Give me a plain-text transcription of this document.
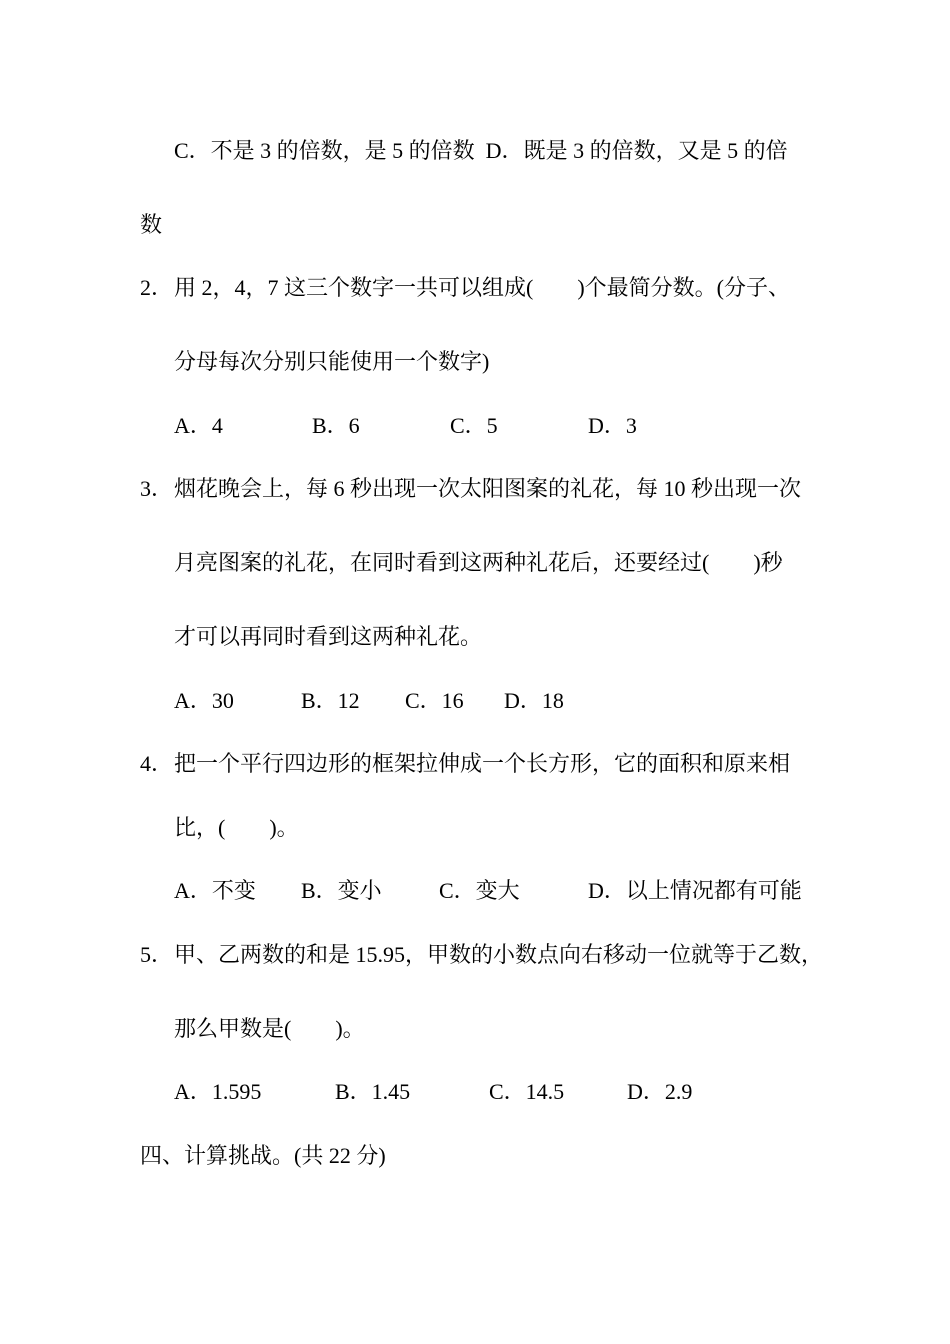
C．不是 3 的倍数，是 5 的倍数  D．既是 3 的倍数，又是 5 的倍
数
2． 用 2，4，7 这三个数字一共可以组成(        )个最简分数。(分子、
分母每次分别只能使用一个数字)
A．4	B．6	C．5	D．3
3． 烟花晚会上，每 6 秒出现一次太阳图案的礼花，每 10 秒出现一次
月亮图案的礼花，在同时看到这两种礼花后，还要经过(        )秒
才可以再同时看到这两种礼花。
A．30	B．12 C．16 D．18
4． 把一个平行四边形的框架拉伸成一个长方形，它的面积和原来相
比，(        )。
A．不变 B．变小	C．变大	D．以上情况都有可能
5． 甲、乙两数的和是 15.95，甲数的小数点向右移动一位就等于乙数，
那么甲数是(        )。
A．1.595	B．1.45	C．14.5	D．2.9
四、计算挑战。(共 22 分)
